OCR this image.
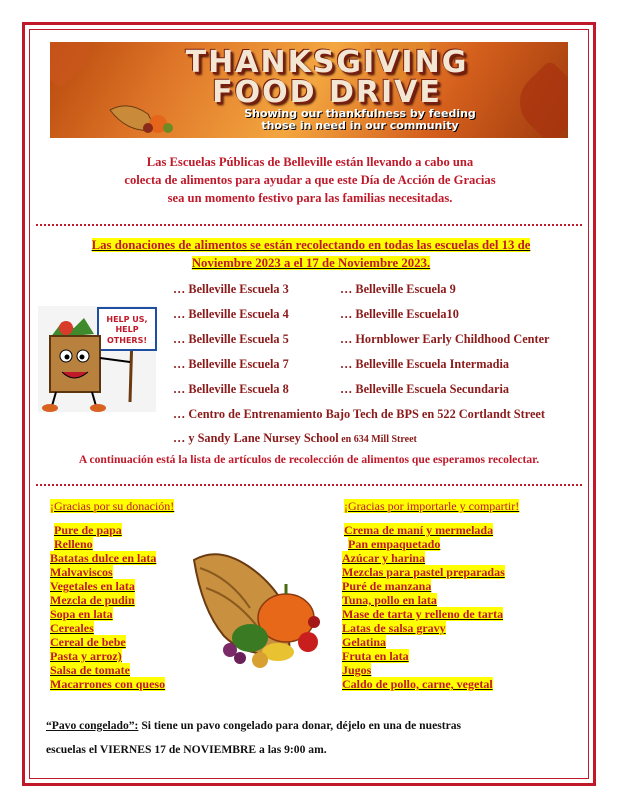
THANKSGIVING
FOOD DRIVE
Showing our thankfulness by feeding
those in need in our community
Las Escuelas Públicas de Belleville están llevando a cabo una
colecta de alimentos para ayudar a que este Día de Acción de Gracias
sea un momento festivo para las familias necesitadas.
Las donaciones de alimentos se están recolectando en todas las escuelas del 13 de
Noviembre 2023 a el 17 de Noviembre 2023.
HELP US,
HELP
OTHERS!
… Belleville Escuela 3
… Belleville Escuela 4
… Belleville Escuela 5
… Belleville Escuela 7
… Belleville Escuela 8
… Belleville Escuela 9
… Belleville Escuela10
… Hornblower Early Childhood Center
… Belleville Escuela Intermadia
… Belleville Escuela Secundaria
… Centro de Entrenamiento Bajo Tech de BPS en 522 Cortlandt Street
… y Sandy Lane Nursey School en 634 Mill Street
A continuación está la lista de artículos de recolección de alimentos que esperamos recolectar.
¡Gracias por su donación!	¡Gracias por importarle y compartir!
Pure de papa
Relleno
Batatas dulce en lata
Malvaviscos
Vegetales en lata
Mezcla de pudin
Sopa en lata
Cereales
Cereal de bebe
Pasta y arroz)
Salsa de tomate
Macarrones con queso
Crema de maní y mermelada
Pan empaquetado
Azúcar y harina
Mezclas para pastel preparadas
Puré de manzana
Tuna, pollo en lata
Mase de tarta y relleno de tarta
Latas de salsa gravy
Gelatina
Fruta en lata
Jugos
Caldo de pollo, carne, vegetal
“Pavo congelado”: Si tiene un pavo congelado para donar, déjelo en una de nuestras
escuelas el VIERNES 17 de NOVIEMBRE a las 9:00 am.
